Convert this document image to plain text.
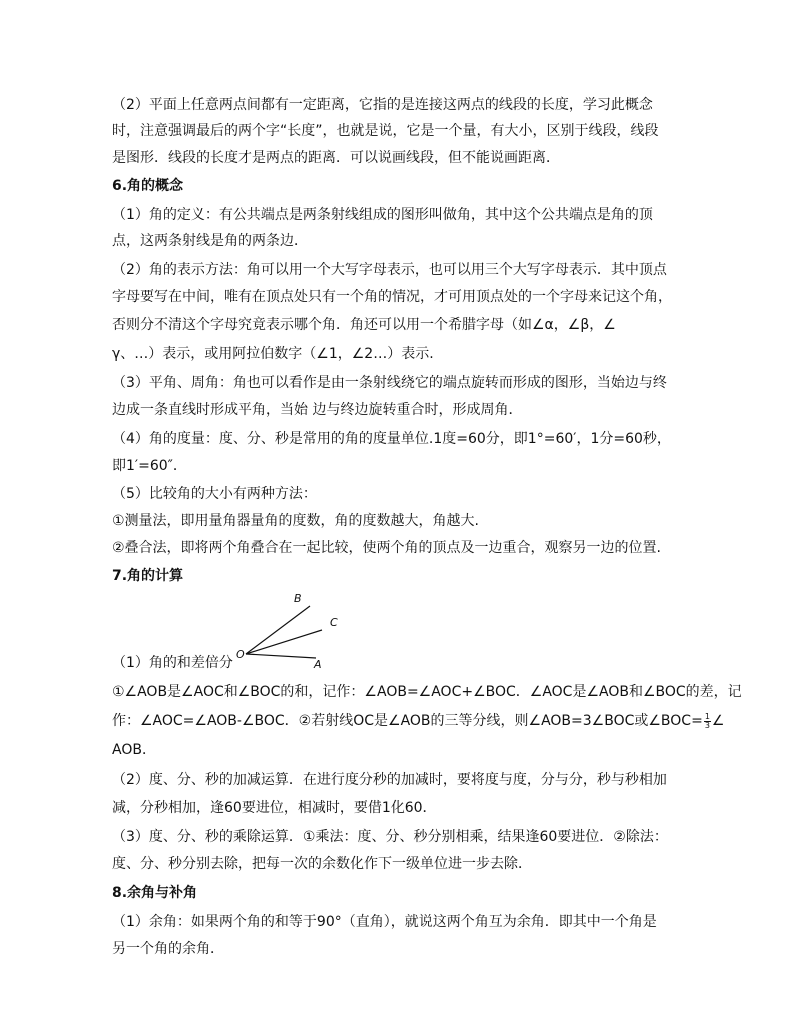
（2）平面上任意两点间都有一定距离，它指的是连接这两点的线段的长度，学习此概念
时，注意强调最后的两个字“长度”，也就是说，它是一个量，有大小，区别于线段，线段
是图形．线段的长度才是两点的距离．可以说画线段，但不能说画距离．
6.角的概念
（1）角的定义：有公共端点是两条射线组成的图形叫做角，其中这个公共端点是角的顶
点，这两条射线是角的两条边．
（2）角的表示方法：角可以用一个大写字母表示，也可以用三个大写字母表示．其中顶点
字母要写在中间，唯有在顶点处只有一个角的情况，才可用顶点处的一个字母来记这个角，
否则分不清这个字母究竟表示哪个角．角还可以用一个希腊字母（如∠α，∠β，∠
γ、…）表示，或用阿拉伯数字（∠1，∠2…）表示.
（3）平角、周角：角也可以看作是由一条射线绕它的端点旋转而形成的图形，当始边与终
边成一条直线时形成平角，当始 边与终边旋转重合时，形成周角．
（4）角的度量：度、分、秒是常用的角的度量单位.1度=60分，即1°=60′，1分=60秒，
即1′=60″．
（5）比较角的大小有两种方法：
①测量法，即用量角器量角的度数，角的度数越大，角越大.
②叠合法，即将两个角叠合在一起比较，使两个角的顶点及一边重合，观察另一边的位置.
7.角的计算
B
C
O
A
（1）角的和差倍分
①∠AOB是∠AOC和∠BOC的和，记作：∠AOB=∠AOC+∠BOC．∠AOC是∠AOB和∠BOC的差，记
作：∠AOC=∠AOB-∠BOC．②若射线OC是∠AOB的三等分线，则∠AOB=3∠BOC或∠BOC= $\frac{1}{3}$ ∠
AOB．
（2）度、分、秒的加减运算．在进行度分秒的加减时，要将度与度，分与分，秒与秒相加
减，分秒相加，逢60要进位，相减时，要借1化60．
（3）度、分、秒的乘除运算．①乘法：度、分、秒分别相乘，结果逢60要进位．②除法：
度、分、秒分别去除，把每一次的余数化作下一级单位进一步去除．
8.余角与补角
（1）余角：如果两个角的和等于90°（直角），就说这两个角互为余角．即其中一个角是
另一个角的余角．
